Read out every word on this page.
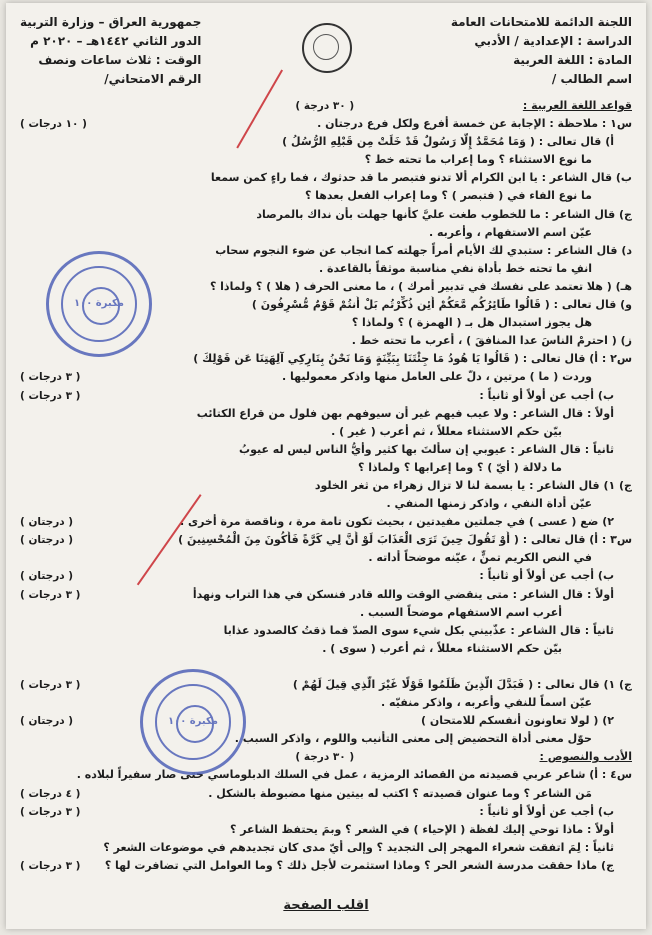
اللجنة الدائمة للامتحانات العامة
الدراسة : الإعدادية / الأدبي
المادة : اللغة العربية
اسم الطالب /
جمهورية العراق – وزارة التربية
الدور الثاني ١٤٤٢هـ – ٢٠٢٠ م
الوقت : ثلاث ساعات ونصف
الرقم الامتحاني/
قواعد اللغة العربية :
( ٣٠ درجة )
س١ : ملاحظة : الإجابة عن خمسة أفرع ولكل فرع درجتان .
( ١٠ درجات )
أ) قال تعالى : ( وَمَا مُحَمَّدٌ إِلَّا رَسُولٌ قَدْ خَلَتْ مِن قَبْلِهِ الرُّسُلُ )
ما نوع الاستثناء ؟ وما إعراب ما تحته خط ؟
ب) قال الشاعر : يا ابن الكرام ألا تدنو فتبصر ما قد حدثوك ، فما راءٍ كمن سمعا
ما نوع الفاء في ( فتبصر ) ؟ وما إعراب الفعل بعدها ؟
ج) قال الشاعر : ما للخطوب طغت عليَّ كأنها جهلت بأن نداك بالمرصاد
عيّن اسم الاستفهام ، وأعربه .
د) قال الشاعر : ستبدي لك الأيام أمراً جهلته كما انجاب عن ضوء النجوم سحاب
انفِ ما تحته خط بأداة نفي مناسبة موثقاً بالقاعدة .
هـ) ( هلا تعتمد على نفسك في تدبير أمرك ) ، ما معنى الحرف ( هلا ) ؟ ولماذا ؟
و) قال تعالى : ( قَالُوا طَائِرُكُم مَّعَكُمْ أَئِن ذُكِّرْتُم بَلْ أَنتُمْ قَوْمٌ مُّسْرِفُونَ )
هل يجوز استبدال هل بـ ( الهمزة ) ؟ ولماذا ؟
ز) ( احترمْ الناسَ عدا المنافقَ ) ، أعرب ما تحته خط .
س٢ : أ) قال تعالى : ( قَالُوا يَا هُودُ مَا جِئْتَنَا بِبَيِّنَةٍ وَمَا نَحْنُ بِتَارِكِي آلِهَتِنَا عَن قَوْلِكَ )
وردت ( ما ) مرتين ، دلّ على العامل منها واذكر معموليها .
( ٣ درجات )
ب) أجب عن أولاً أو ثانياً :
( ٣ درجات )
أولاً : قال الشاعر : ولا عيب فيهم غير أن سيوفهم بهن فلول من قراع الكتائب
بيّن حكم الاستثناء معللاً ، ثم أعرب ( غير ) .
ثانياً : قال الشاعر : عيوبي إن سألتَ بها كثير وأيُّ الناس ليس له عيوبُ
ما دلالة ( أيّ ) ؟ وما إعرابها ؟ ولماذا ؟
ج) ١) قال الشاعر : يا بسمة لنا لا تزال زهراء من ثغر الخلود
عيّن أداة النفي ، واذكر زمنها المنفي .
٢) ضع ( عسى ) في جملتين مفيدتين ، بحيث تكون تامة مرة ، وناقصة مرة أخرى .
( درجتان )
س٣ : أ) قال تعالى : ( أَوْ تَقُولَ حِينَ تَرَى الْعَذَابَ لَوْ أَنَّ لِي كَرَّةً فَأَكُونَ مِنَ الْمُحْسِنِينَ )
( درجتان )
في النص الكريم تمنٍّ ، عيّنه موضحاً أداته .
ب) أجب عن أولاً أو ثانياً :
( درجتان )
أولاً : قال الشاعر : متى ينقضي الوقت والله قادر فنسكن في هذا التراب ونهدأ
( ٣ درجات )
أعرب اسم الاستفهام موضحاً السبب .
ثانياً : قال الشاعر : عذّبيني بكل شيء سوى الصدّ فما ذقتُ كالصدود عذابا
بيّن حكم الاستثناء معللاً ، ثم أعرب ( سوى ) .
ج) ١) قال تعالى : ( فَبَدَّلَ الَّذِينَ ظَلَمُوا قَوْلًا غَيْرَ الَّذِي قِيلَ لَهُمْ )
( ٣ درجات )
عيّن اسماً للنفي وأعربه ، واذكر منفيّه .
٢) ( لولا تعاونون أنفسكم للامتحان )
( درجتان )
حوّل معنى أداة التحضيض إلى معنى التأنيب واللوم ، واذكر السبب .
الأدب والنصوص :
( ٣٠ درجة )
س٤ : أ) شاعر عربي قصيدته من القصائد الرمزية ، عمل في السلك الدبلوماسي حتى صار سفيراً لبلاده .
مَن الشاعر ؟ وما عنوان قصيدته ؟ اكتب له بيتين منها مضبوطة بالشكل .
( ٤ درجات )
ب) أجب عن أولاً أو ثانياً :
( ٣ درجات )
أولاً : ماذا توحي إليك لفظة ( الإحياء ) في الشعر ؟ وبمَ يحتفظ الشاعر ؟
ثانياً : لِمَ اتفقت شعراء المهجر إلى التجديد ؟ وإلى أيّ مدى كان تجديدهم في موضوعات الشعر ؟
ج) ماذا حققت مدرسة الشعر الحر ؟ وماذا استثمرت لأجل ذلك ؟ وما العوامل التي تضافرت لها ؟
( ٣ درجات )
مكبرة ١٠٠
مكبرة ١٠٠
اقلب الصفحة
